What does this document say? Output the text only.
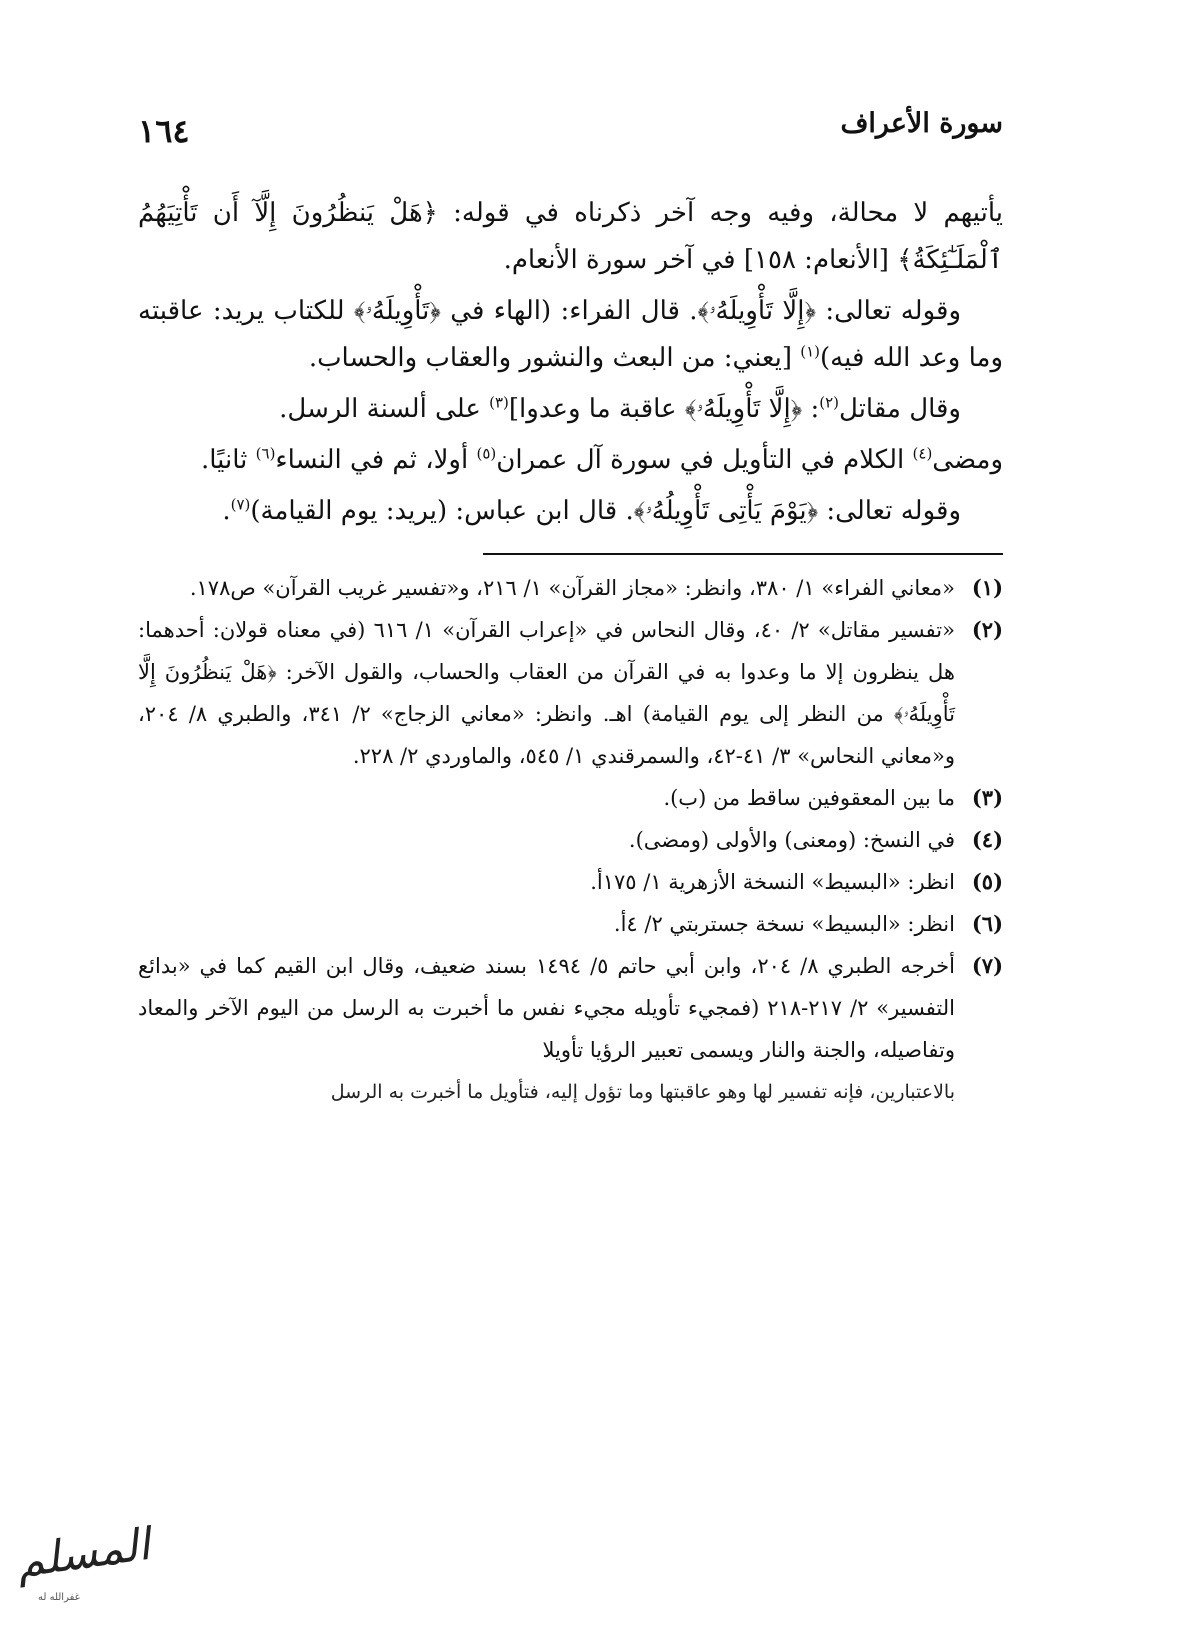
سورة الأعراف
١٦٤

يأتيهم لا محالة، وفيه وجه آخر ذكرناه في قوله: ﴿هَلْ يَنظُرُونَ إِلَّآ أَن تَأْتِيَهُمُ ٱلْمَلَـٰٓئِكَةُ﴾ [الأنعام: ١٥٨] في آخر سورة الأنعام.

وقوله تعالى: ﴿إِلَّا تَأْوِيلَهُۥ﴾. قال الفراء: (الهاء في ﴿تَأْوِيلَهُۥ﴾ للكتاب يريد: عاقبته وما وعد الله فيه)$^{(١)}$ [يعني: من البعث والنشور والعقاب والحساب.

وقال مقاتل$^{(٢)}$: ﴿إِلَّا تَأْوِيلَهُۥ﴾ عاقبة ما وعدوا]$^{(٣)}$ على ألسنة الرسل.

ومضى$^{(٤)}$ الكلام في التأويل في سورة آل عمران$^{(٥)}$ أولا، ثم في النساء$^{(٦)}$ ثانيًا.

وقوله تعالى: ﴿يَوْمَ يَأْتِى تَأْوِيلُهُۥ﴾. قال ابن عباس: (يريد: يوم القيامة)$^{(٧)}$.

(١)
«معاني الفراء» ١/ ٣٨٠، وانظر: «مجاز القرآن» ١/ ٢١٦، و«تفسير غريب القرآن» ص١٧٨.
(٢)
«تفسير مقاتل» ٢/ ٤٠، وقال النحاس في «إعراب القرآن» ١/ ٦١٦ (في معناه قولان: أحدهما: هل ينظرون إلا ما وعدوا به في القرآن من العقاب والحساب، والقول الآخر: ﴿هَلْ يَنظُرُونَ إِلَّا تَأْوِيلَهُۥ﴾ من النظر إلى يوم القيامة) اهـ. وانظر: «معاني الزجاج» ٢/ ٣٤١، والطبري ٨/ ٢٠٤، و«معاني النحاس» ٣/ ٤١-٤٢، والسمرقندي ١/ ٥٤٥، والماوردي ٢/ ٢٢٨.
(٣)
ما بين المعقوفين ساقط من (ب).
(٤)
في النسخ: (ومعنى) والأولى (ومضى).
(٥)
انظر: «البسيط» النسخة الأزهرية ١/ ١٧٥أ.
(٦)
انظر: «البسيط» نسخة جستربتي ٢/ ٤أ.
(٧)
أخرجه الطبري ٨/ ٢٠٤، وابن أبي حاتم ٥/ ١٤٩٤ بسند ضعيف، وقال ابن القيم كما في «بدائع التفسير» ٢/ ٢١٧-٢١٨ (فمجيء تأويله مجيء نفس ما أخبرت به الرسل من اليوم الآخر والمعاد وتفاصيله، والجنة والنار ويسمى تعبير الرؤيا تأويلا
بالاعتبارين، فإنه تفسير لها وهو عاقبتها وما تؤول إليه، فتأويل ما أخبرت به الرسل
المسلم
غفرالله له
